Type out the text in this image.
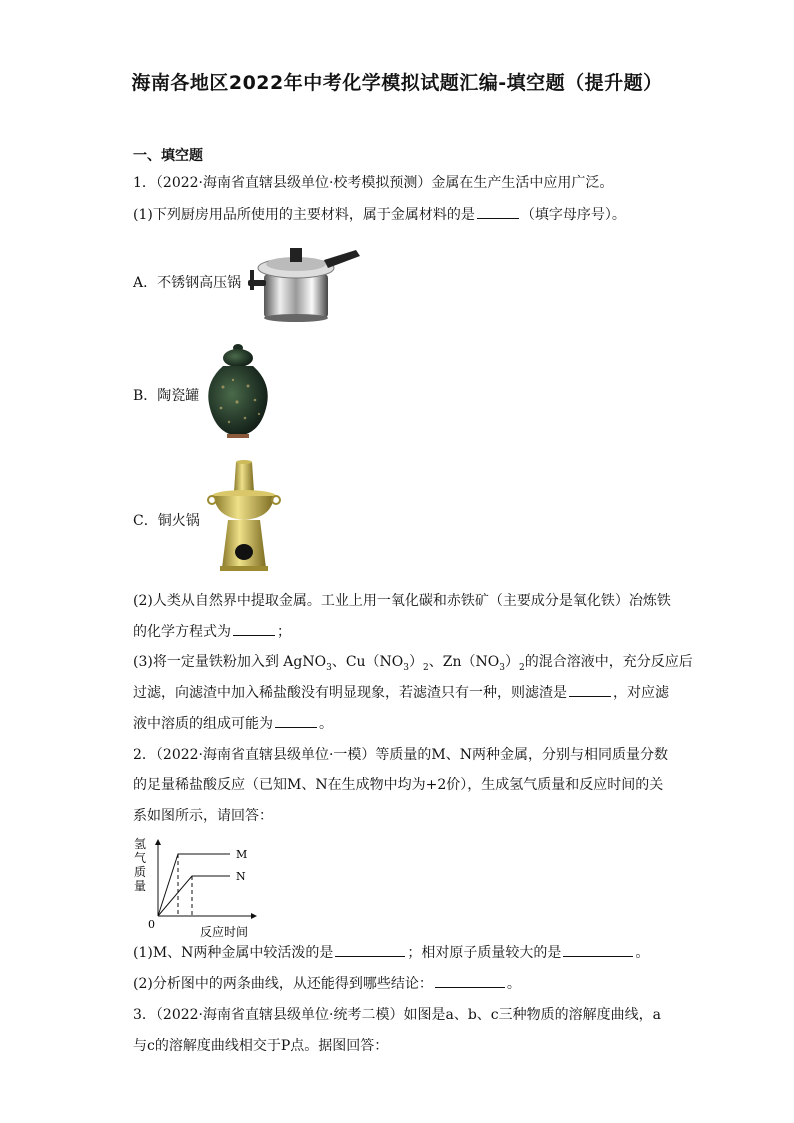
海南各地区2022年中考化学模拟试题汇编-填空题（提升题）
一、填空题
1．（2022·海南省直辖县级单位·校考模拟预测）金属在生产生活中应用广泛。
(1)下列厨房用品所使用的主要材料，属于金属材料的是	（填字母序号）。
A．不锈钢高压锅
B．陶瓷罐
C．铜火锅
(2)人类从自然界中提取金属。工业上用一氧化碳和赤铁矿（主要成分是氧化铁）冶炼铁
的化学方程式为	；
(3)将一定量铁粉加入到 AgNO$_3$、$Cu(NO_3)_2$、$Zn(NO_3)_2$的混合溶液中，充分反应后
过滤，向滤渣中加入稀盐酸没有明显现象，若滤渣只有一种，则滤渣是	，对应滤
液中溶质的组成可能为	。
2．（2022·海南省直辖县级单位·一模）等质量的M、N两种金属，分别与相同质量分数
的足量稀盐酸反应（已知M、N在生成物中均为+2价），生成氢气质量和反应时间的关
系如图所示，请回答：
氢
气
质
量
0
M
N
反应时间
(1)M、N两种金属中较活泼的是	；相对原子质量较大的是	。
(2)分析图中的两条曲线，从还能得到哪些结论：	。
3．（2022·海南省直辖县级单位·统考二模）如图是a、b、c三种物质的溶解度曲线，a
与c的溶解度曲线相交于P点。据图回答：
